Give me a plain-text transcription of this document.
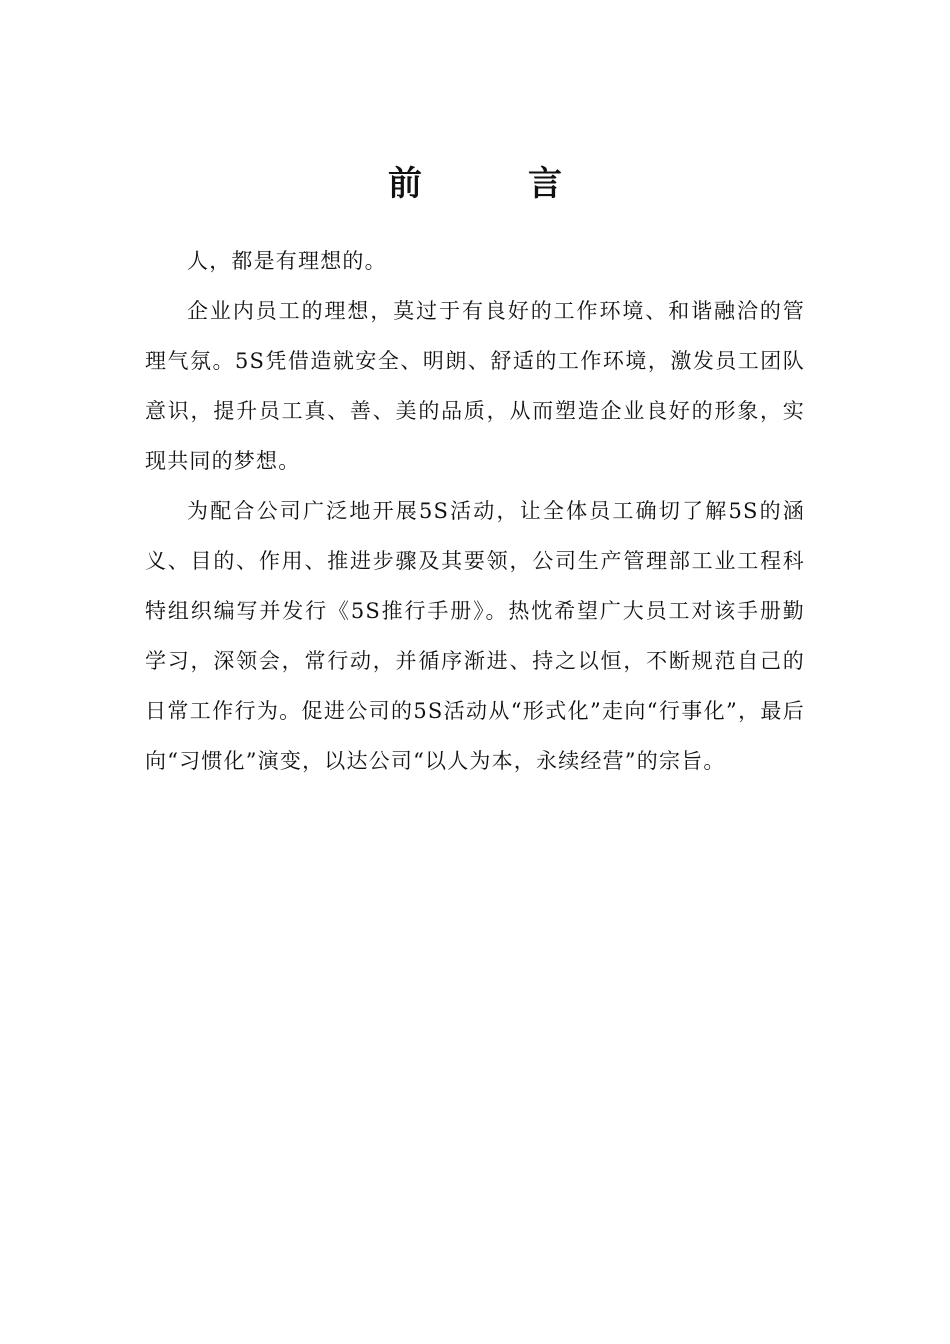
前　言

人，都是有理想的。

企业内员工的理想，莫过于有良好的工作环境、和谐融洽的管理气氛。5S凭借造就安全、明朗、舒适的工作环境，激发员工团队意识，提升员工真、善、美的品质，从而塑造企业良好的形象，实现共同的梦想。

为配合公司广泛地开展5S活动，让全体员工确切了解5S的涵义、目的、作用、推进步骤及其要领，公司生产管理部工业工程科特组织编写并发行《5S推行手册》。热忱希望广大员工对该手册勤学习，深领会，常行动，并循序渐进、持之以恒，不断规范自己的日常工作行为。促进公司的5S活动从“形式化”走向“行事化”，最后向“习惯化”演变，以达公司“以人为本，永续经营”的宗旨。
